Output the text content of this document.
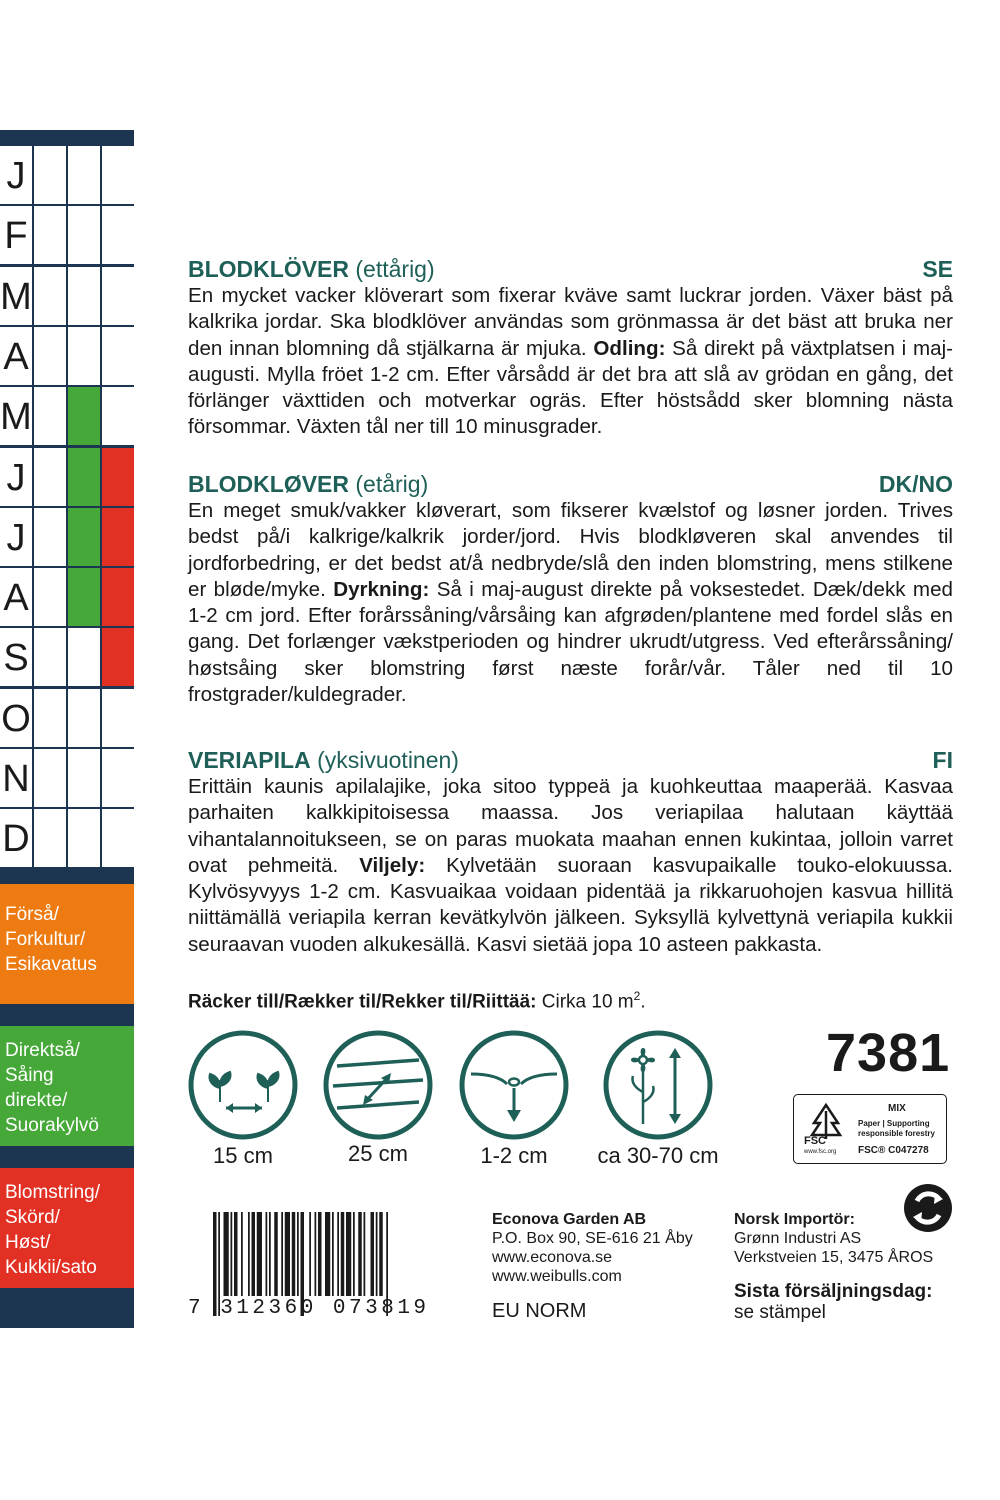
J
F
M
A
M
J
J
A
S
O
N
D
Förså/
Forkultur/
Esikavatus
Direktså/
Såing
direkte/
Suorakylvö
Blomstring/
Skörd/
Høst/
Kukkii/sato
BLODKLÖVER (ettårig)	SE
En mycket vacker klöverart som fixerar kväve samt luckrar jorden. Växer bäst på kalkrika jordar. Ska blodklöver användas som grönmassa är det bäst att bruka ner den innan blomning då stjälkarna är mjuka. Odling: Så direkt på växtplatsen i maj-augusti. Mylla fröet 1-2 cm. Efter vårsådd är det bra att slå av grödan en gång, det förlänger växttiden och motverkar ogräs. Efter höstsådd sker blomning nästa försommar. Växten tål ner till 10 minusgrader.
BLODKLØVER (etårig)	DK/NO
En meget smuk/vakker kløverart, som fikserer kvælstof og løsner jorden. Trives bedst på/i kalkrige/kalkrik jorder/jord. Hvis blodkløveren skal anvendes til jordforbedring, er det bedst at/å nedbryde/slå den inden blomstring, mens stilkene er bløde/myke. Dyrkning: Så i maj-august direkte på voksestedet. Dæk/dekk med 1-2 cm jord. Efter forårssåning/vårsåing kan afgrøden/plantene med fordel slås en gang. Det forlænger vækstperioden og hindrer ukrudt/utgress. Ved efterårssåning/ høstsåing sker blomstring først næste forår/vår. Tåler ned til 10 frostgrader/kuldegrader.
VERIAPILA (yksivuotinen)	FI
Erittäin kaunis apilalajike, joka sitoo typpeä ja kuohkeuttaa maaperää. Kasvaa parhaiten kalkkipitoisessa maassa. Jos veriapilaa halutaan käyttää vihantalannoitukseen, se on paras muokata maahan ennen kukintaa, jolloin varret ovat pehmeitä. Viljely: Kylvetään suoraan kasvupaikalle touko-elokuussa. Kylvösyvyys 1-2 cm. Kasvuaikaa voidaan pidentää ja rikkaruohojen kasvua hillitä niittämällä veriapila kerran kevätkylvön jälkeen. Syksyllä kylvettynä veriapila kukkii seuraavan vuoden alkukesällä. Kasvi sietää jopa 10 asteen pakkasta.
Räcker till/Rækker til/Rekker til/Riittää: Cirka 10 $m^2$.
15 cm	25 cm	1-2 cm	ca 30-70 cm
7381
FSC
www.fsc.org
MIX
Paper | Supporting
responsible forestry
FSC® C047278
7 312360 073819
Econova Garden AB
P.O. Box 90, SE-616 21 Åby
www.econova.se
www.weibulls.com
EU NORM
Norsk Importör:
Grønn Industri AS
Verkstveien 15, 3475 ÅROS
Sista försäljningsdag:
se stämpel
